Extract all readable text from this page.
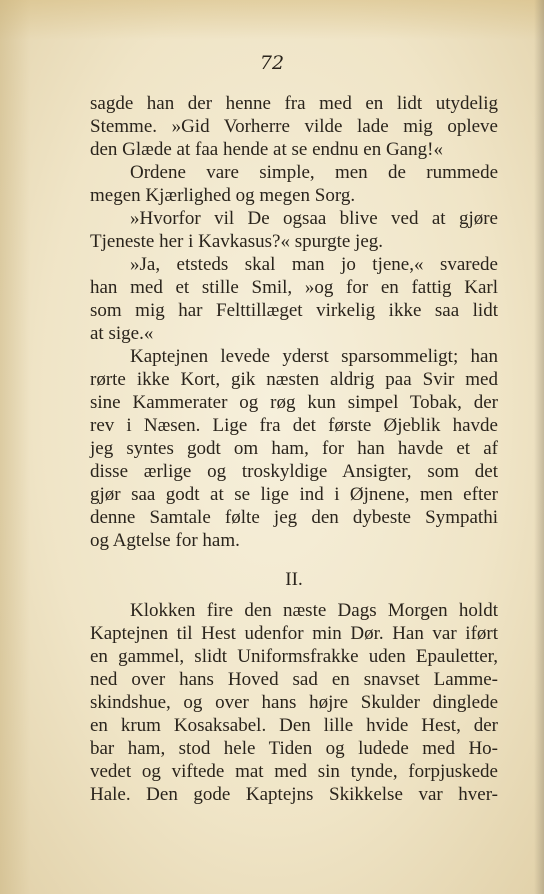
72
sagde han der henne fra med en lidt utydelig
Stemme. »Gid Vorherre vilde lade mig opleve
den Glæde at faa hende at se endnu en Gang!«
Ordene vare simple, men de rummede
megen Kjærlighed og megen Sorg.
»Hvorfor vil De ogsaa blive ved at gjøre
Tjeneste her i Kavkasus?« spurgte jeg.
»Ja, etsteds skal man jo tjene,« svarede
han med et stille Smil, »og for en fattig Karl
som mig har Felttillæget virkelig ikke saa lidt
at sige.«
Kaptejnen levede yderst sparsommeligt; han
rørte ikke Kort, gik næsten aldrig paa Svir med
sine Kammerater og røg kun simpel Tobak, der
rev i Næsen. Lige fra det første Øjeblik havde
jeg syntes godt om ham, for han havde et af
disse ærlige og troskyldige Ansigter, som det
gjør saa godt at se lige ind i Øjnene, men efter
denne Samtale følte jeg den dybeste Sympathi
og Agtelse for ham.
II.
Klokken fire den næste Dags Morgen holdt
Kaptejnen til Hest udenfor min Dør. Han var iført
en gammel, slidt Uniformsfrakke uden Epauletter,
ned over hans Hoved sad en snavset Lamme-
skindshue, og over hans højre Skulder dinglede
en krum Kosaksabel. Den lille hvide Hest, der
bar ham, stod hele Tiden og ludede med Ho-
vedet og viftede mat med sin tynde, forpjuskede
Hale. Den gode Kaptejns Skikkelse var hver-
